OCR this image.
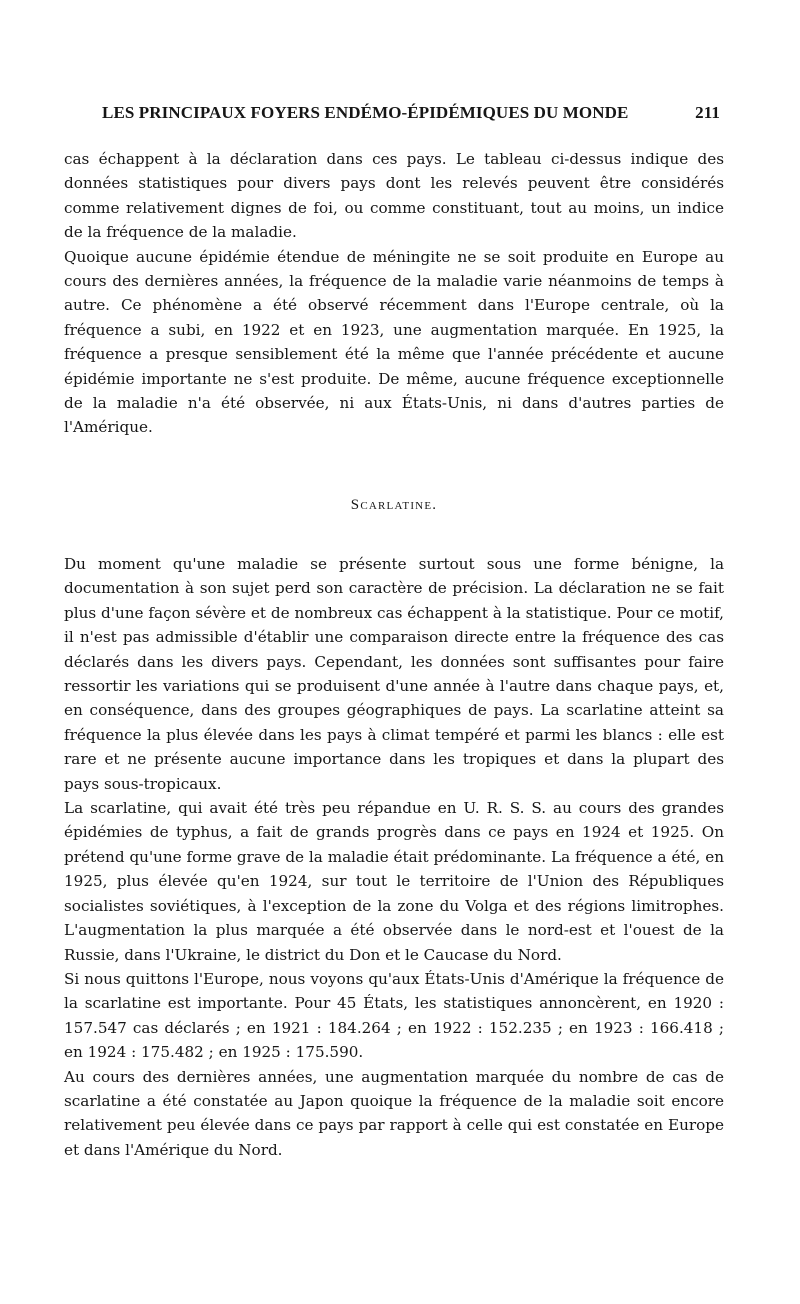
LES PRINCIPAUX FOYERS ENDÉMO-ÉPIDÉMIQUES DU MONDE	211

cas échappent à la déclaration dans ces pays. Le tableau ci-dessus indique des données statistiques pour divers pays dont les relevés peuvent être considérés comme relativement dignes de foi, ou comme constituant, tout au moins, un indice de la fréquence de la maladie.

Quoique aucune épidémie étendue de méningite ne se soit produite en Europe au cours des dernières années, la fréquence de la maladie varie néanmoins de temps à autre. Ce phénomène a été observé récemment dans l'Europe centrale, où la fréquence a subi, en 1922 et en 1923, une augmentation marquée. En 1925, la fréquence a presque sensiblement été la même que l'année précédente et aucune épidémie importante ne s'est produite. De même, aucune fréquence exceptionnelle de la maladie n'a été observée, ni aux États-Unis, ni dans d'autres parties de l'Amérique.

Scarlatine.

Du moment qu'une maladie se présente surtout sous une forme bénigne, la documentation à son sujet perd son caractère de précision. La déclaration ne se fait plus d'une façon sévère et de nombreux cas échappent à la statistique. Pour ce motif, il n'est pas admissible d'établir une comparaison directe entre la fréquence des cas déclarés dans les divers pays. Cependant, les données sont suffisantes pour faire ressortir les variations qui se produisent d'une année à l'autre dans chaque pays, et, en conséquence, dans des groupes géographiques de pays. La scarlatine atteint sa fréquence la plus élevée dans les pays à climat tempéré et parmi les blancs : elle est rare et ne présente aucune importance dans les tropiques et dans la plupart des pays sous-tropicaux.

La scarlatine, qui avait été très peu répandue en U. R. S. S. au cours des grandes épidémies de typhus, a fait de grands progrès dans ce pays en 1924 et 1925. On prétend qu'une forme grave de la maladie était prédominante. La fréquence a été, en 1925, plus élevée qu'en 1924, sur tout le territoire de l'Union des Républiques socialistes soviétiques, à l'exception de la zone du Volga et des régions limitrophes. L'augmentation la plus marquée a été observée dans le nord-est et l'ouest de la Russie, dans l'Ukraine, le district du Don et le Caucase du Nord.

Si nous quittons l'Europe, nous voyons qu'aux États-Unis d'Amérique la fréquence de la scarlatine est importante. Pour 45 États, les statistiques annoncèrent, en 1920 : 157.547 cas déclarés ; en 1921 : 184.264 ; en 1922 : 152.235 ; en 1923 : 166.418 ; en 1924 : 175.482 ; en 1925 : 175.590.

Au cours des dernières années, une augmentation marquée du nombre de cas de scarlatine a été constatée au Japon quoique la fréquence de la maladie soit encore relativement peu élevée dans ce pays par rapport à celle qui est constatée en Europe et dans l'Amérique du Nord.
